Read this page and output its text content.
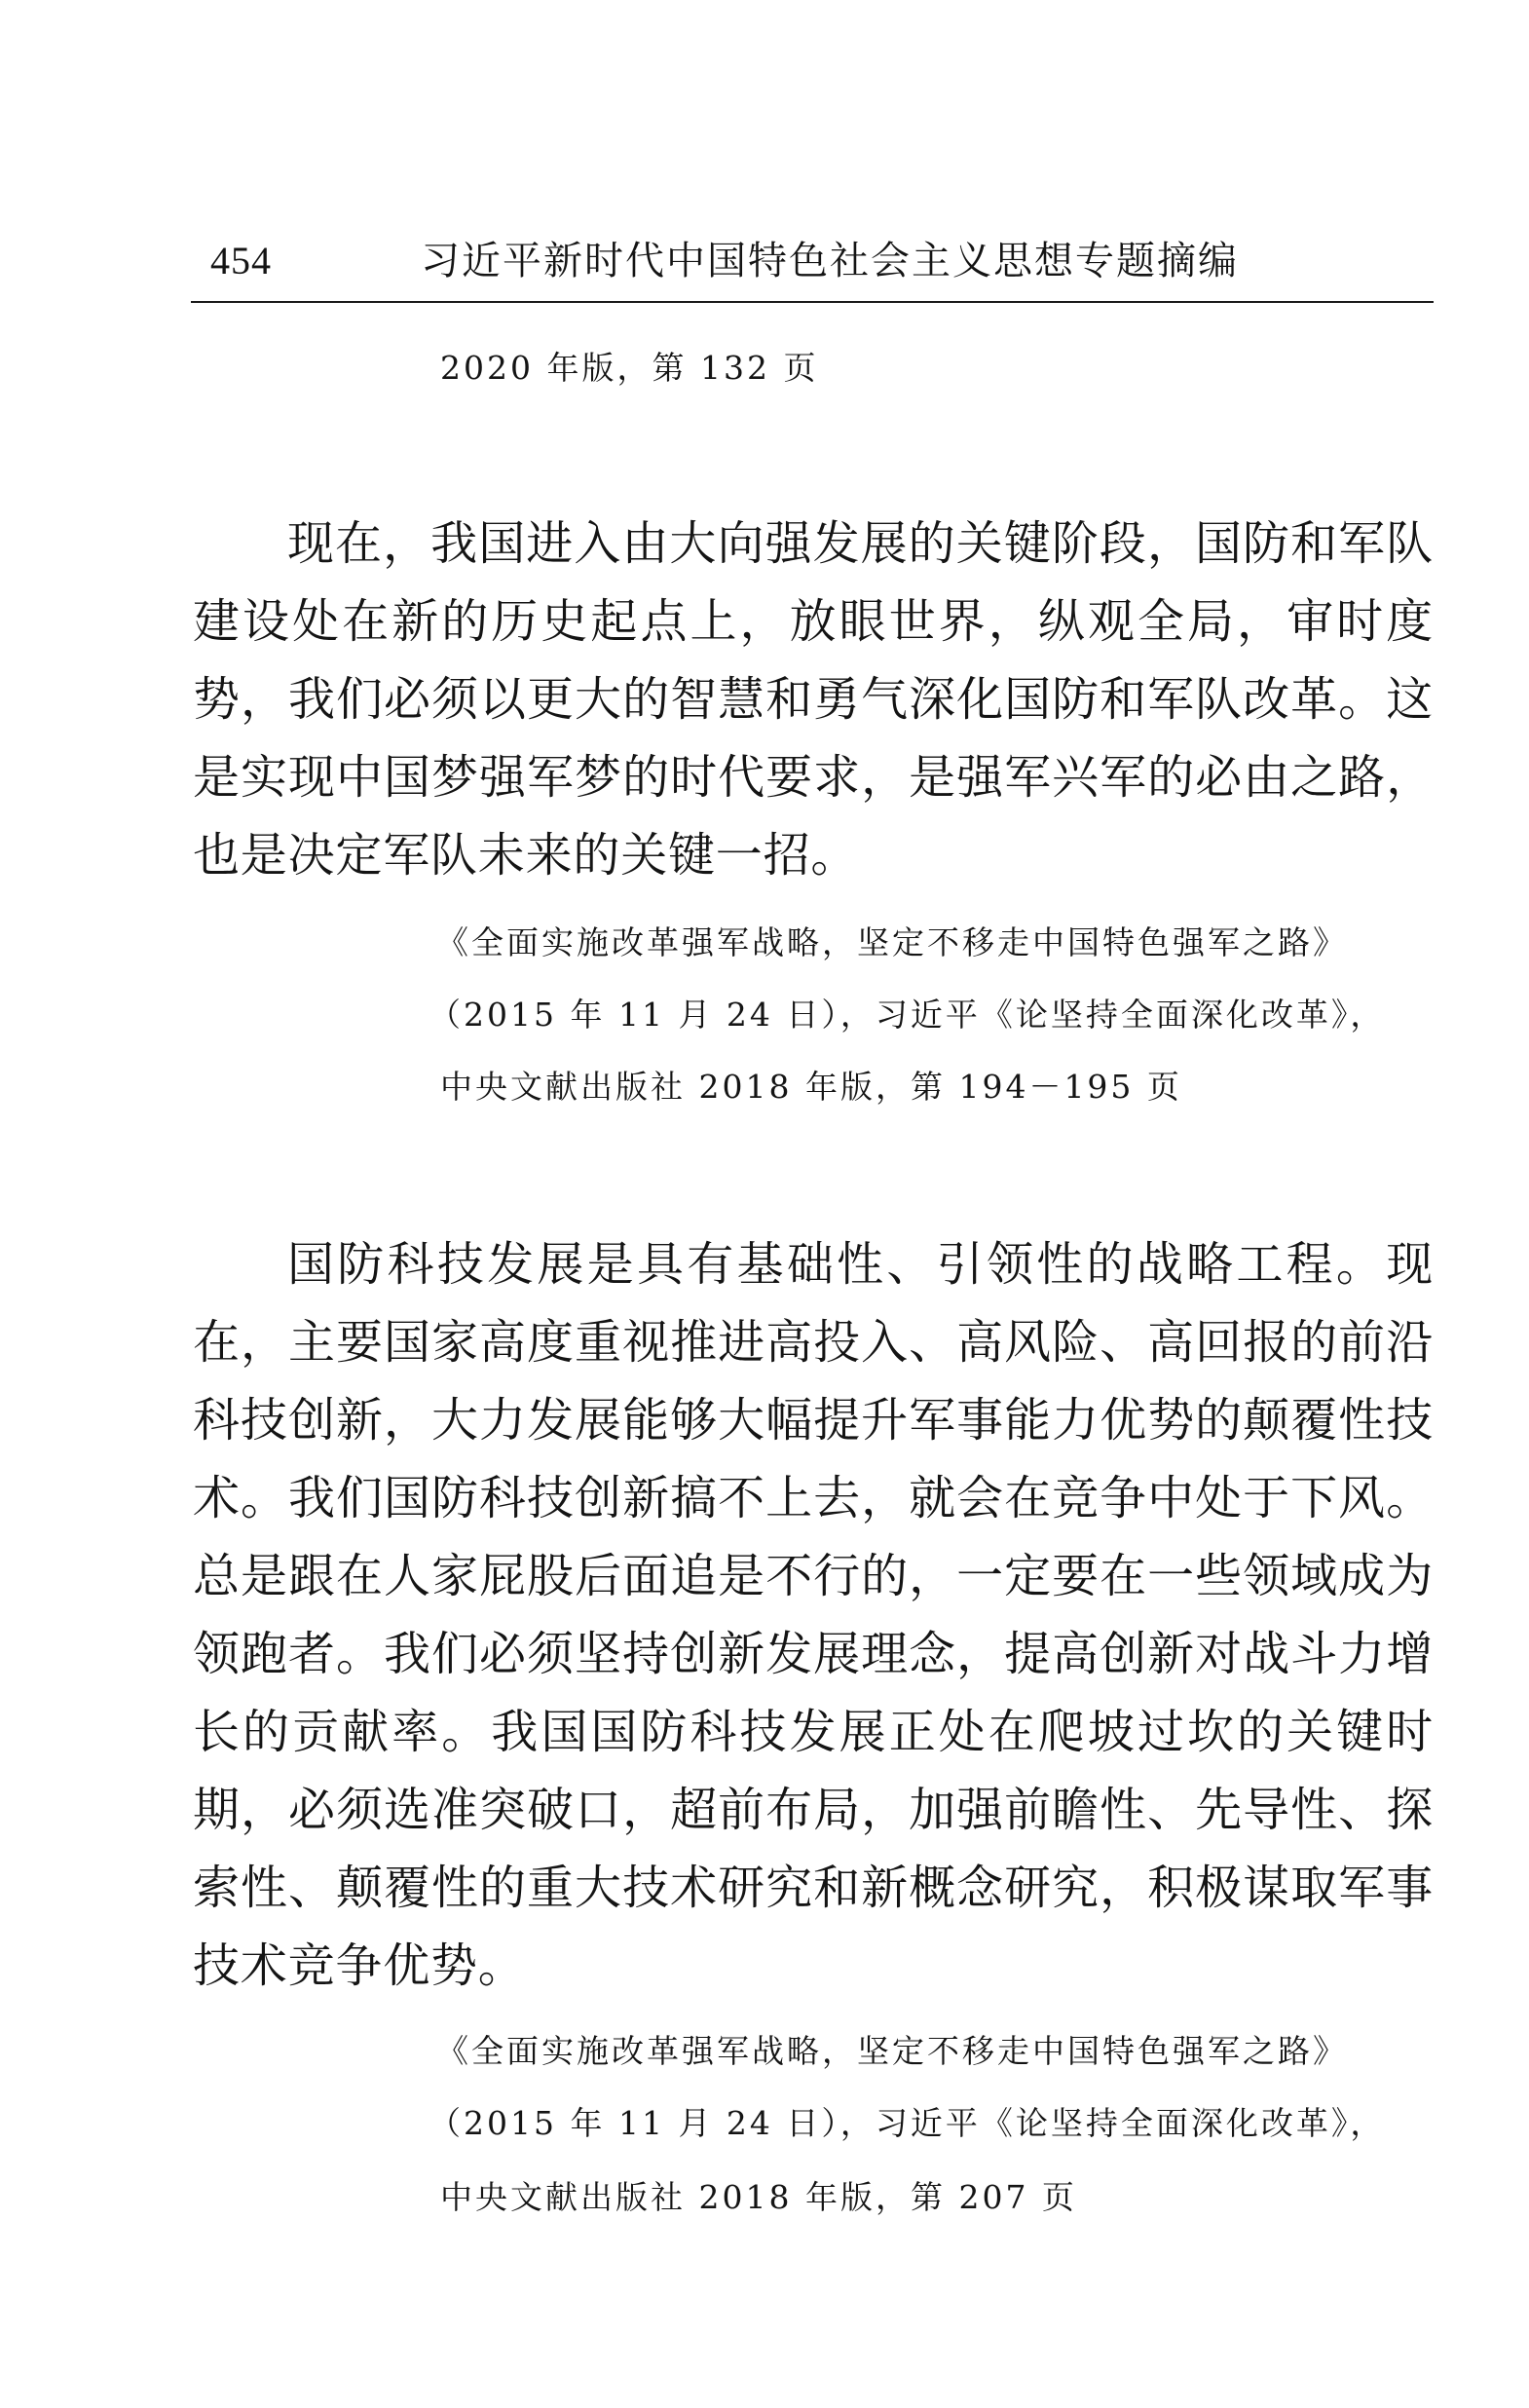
454	习近平新时代中国特色社会主义思想专题摘编
2020 年版，第 132 页

现在，我国进入由大向强发展的关键阶段，国防和军队建设处在新的历史起点上，放眼世界，纵观全局，审时度势，我们必须以更大的智慧和勇气深化国防和军队改革。这是实现中国梦强军梦的时代要求，是强军兴军的必由之路，也是决定军队未来的关键一招。

《全面实施改革强军战略，坚定不移走中国特色强军之路》
（2015 年 11 月 24 日），习近平《论坚持全面深化改革》，
中央文献出版社 2018 年版，第 194－195 页

国防科技发展是具有基础性、引领性的战略工程。现在，主要国家高度重视推进高投入、高风险、高回报的前沿科技创新，大力发展能够大幅提升军事能力优势的颠覆性技术。我们国防科技创新搞不上去，就会在竞争中处于下风。总是跟在人家屁股后面追是不行的，一定要在一些领域成为领跑者。我们必须坚持创新发展理念，提高创新对战斗力增长的贡献率。我国国防科技发展正处在爬坡过坎的关键时期，必须选准突破口，超前布局，加强前瞻性、先导性、探索性、颠覆性的重大技术研究和新概念研究，积极谋取军事技术竞争优势。

《全面实施改革强军战略，坚定不移走中国特色强军之路》
（2015 年 11 月 24 日），习近平《论坚持全面深化改革》，
中央文献出版社 2018 年版，第 207 页
